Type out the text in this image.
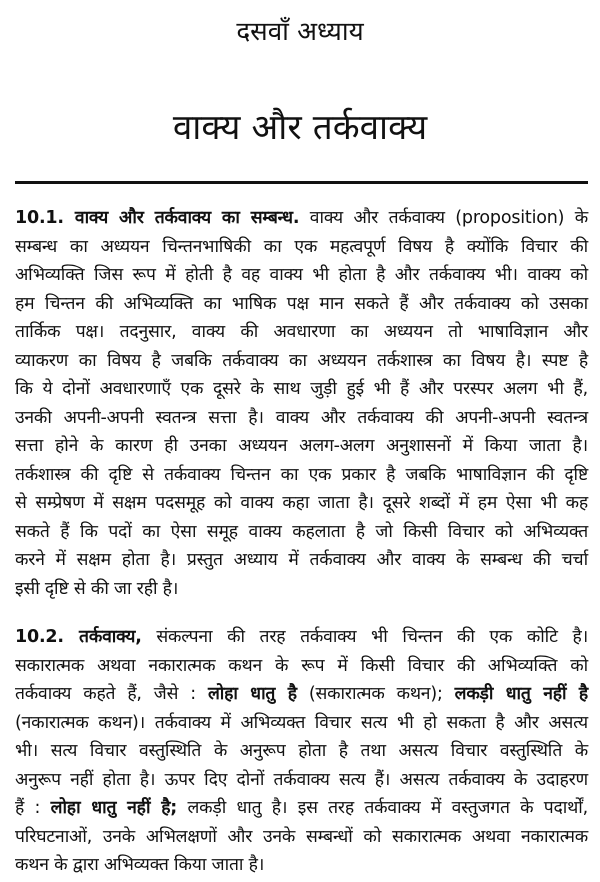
दसवाँ अध्याय
वाक्य और तर्कवाक्य
10.1. वाक्य और तर्कवाक्य का सम्बन्ध. वाक्य और तर्कवाक्य (proposition) के
सम्बन्ध का अध्ययन चिन्तनभाषिकी का एक महत्वपूर्ण विषय है क्योंकि विचार की
अभिव्यक्ति जिस रूप में होती है वह वाक्य भी होता है और तर्कवाक्य भी। वाक्य को
हम चिन्तन की अभिव्यक्ति का भाषिक पक्ष मान सकते हैं और तर्कवाक्य को उसका
तार्किक पक्ष। तदनुसार, वाक्य की अवधारणा का अध्ययन तो भाषाविज्ञान और
व्याकरण का विषय है जबकि तर्कवाक्य का अध्ययन तर्कशास्त्र का विषय है। स्पष्ट है
कि ये दोनों अवधारणाएँ एक दूसरे के साथ जुड़ी हुई भी हैं और परस्पर अलग भी हैं,
उनकी अपनी-अपनी स्वतन्त्र सत्ता है। वाक्य और तर्कवाक्य की अपनी-अपनी स्वतन्त्र
सत्ता होने के कारण ही उनका अध्ययन अलग-अलग अनुशासनों में किया जाता है।
तर्कशास्त्र की दृष्टि से तर्कवाक्य चिन्तन का एक प्रकार है जबकि भाषाविज्ञान की दृष्टि
से सम्प्रेषण में सक्षम पदसमूह को वाक्य कहा जाता है। दूसरे शब्दों में हम ऐसा भी कह
सकते हैं कि पदों का ऐसा समूह वाक्य कहलाता है जो किसी विचार को अभिव्यक्त
करने में सक्षम होता है। प्रस्तुत अध्याय में तर्कवाक्य और वाक्य के सम्बन्ध की चर्चा
इसी दृष्टि से की जा रही है।
10.2. तर्कवाक्य, संकल्पना की तरह तर्कवाक्य भी चिन्तन की एक कोटि है।
सकारात्मक अथवा नकारात्मक कथन के रूप में किसी विचार की अभिव्यक्ति को
तर्कवाक्य कहते हैं, जैसे : लोहा धातु है (सकारात्मक कथन); लकड़ी धातु नहीं है
(नकारात्मक कथन)। तर्कवाक्य में अभिव्यक्त विचार सत्य भी हो सकता है और असत्य
भी। सत्य विचार वस्तुस्थिति के अनुरूप होता है तथा असत्य विचार वस्तुस्थिति के
अनुरूप नहीं होता है। ऊपर दिए दोनों तर्कवाक्य सत्य हैं। असत्य तर्कवाक्य के उदाहरण
हैं : लोहा धातु नहीं है; लकड़ी धातु है। इस तरह तर्कवाक्य में वस्तुजगत के पदार्थों,
परिघटनाओं, उनके अभिलक्षणों और उनके सम्बन्धों को सकारात्मक अथवा नकारात्मक
कथन के द्वारा अभिव्यक्त किया जाता है।
